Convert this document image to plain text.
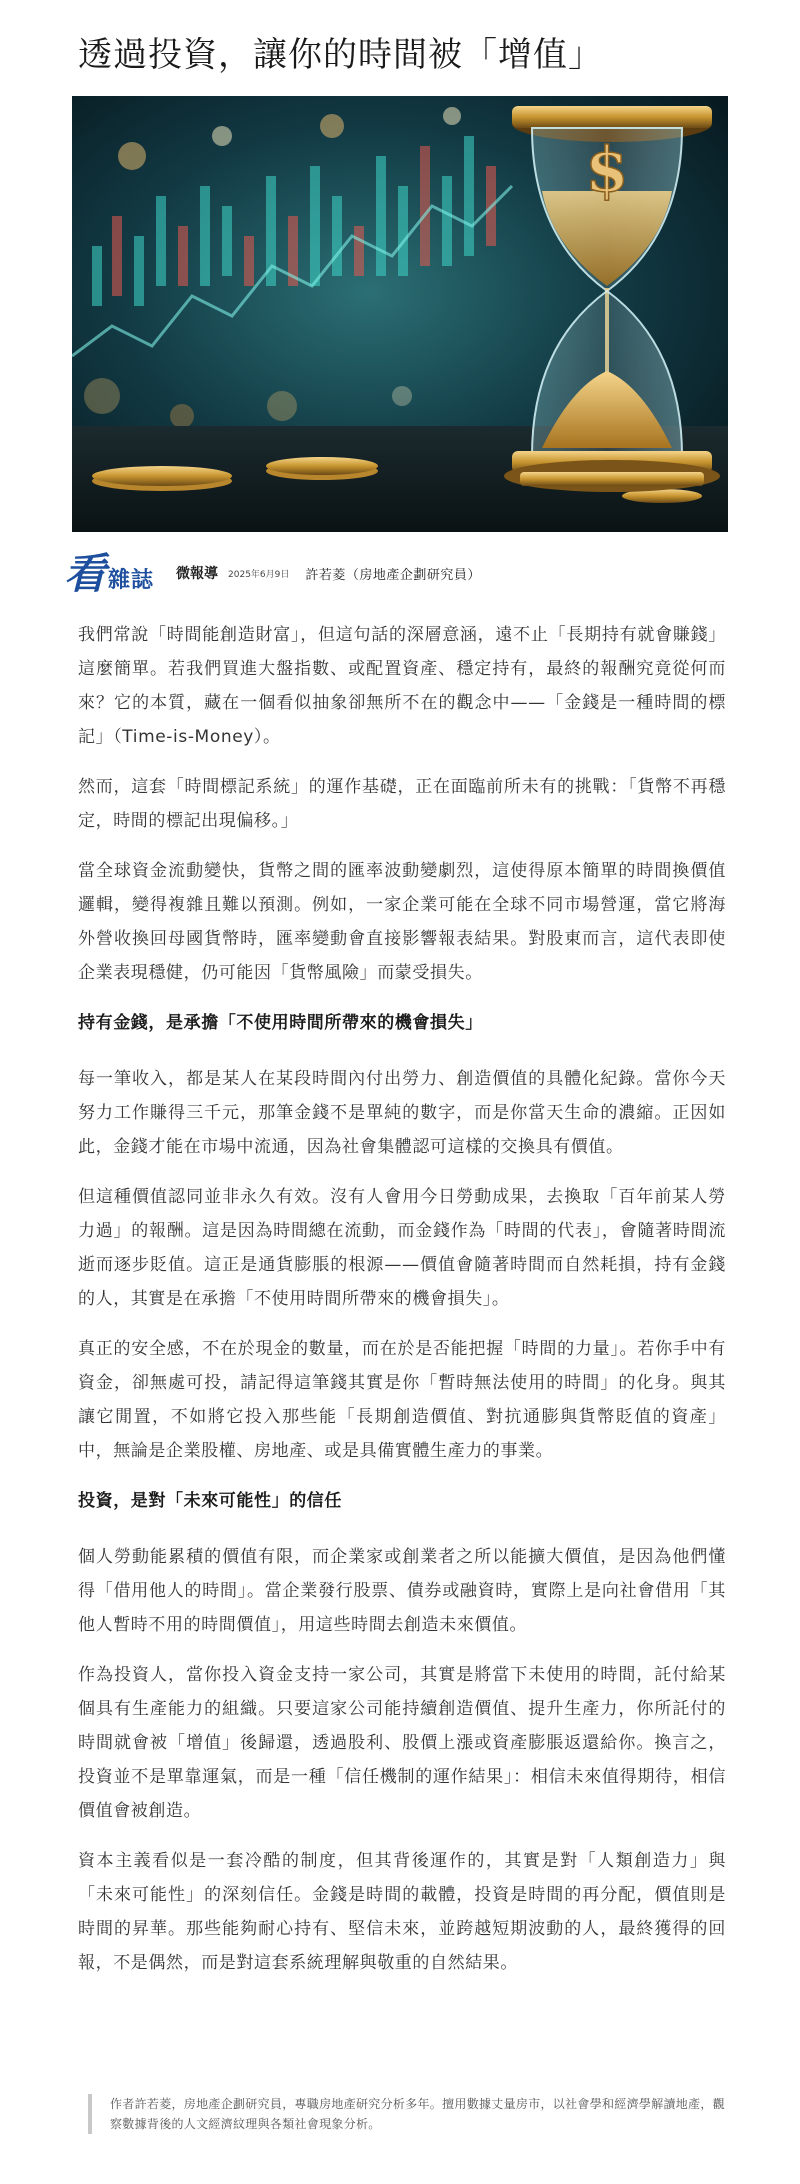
透過投資，讓你的時間被「增值」
$
看 雜誌 微報導 2025年6月9日 許若菱（房地產企劃研究員）

我們常說「時間能創造財富」，但這句話的深層意涵，遠不止「長期持有就會賺錢」這麼簡單。若我們買進大盤指數、或配置資產、穩定持有，最終的報酬究竟從何而來？它的本質，藏在一個看似抽象卻無所不在的觀念中——「金錢是一種時間的標記」（Time-is-Money）。

然而，這套「時間標記系統」的運作基礎，正在面臨前所未有的挑戰：「貨幣不再穩定，時間的標記出現偏移。」

當全球資金流動變快，貨幣之間的匯率波動變劇烈，這使得原本簡單的時間換價值邏輯，變得複雜且難以預測。例如，一家企業可能在全球不同市場營運，當它將海外營收換回母國貨幣時，匯率變動會直接影響報表結果。對股東而言，這代表即使企業表現穩健，仍可能因「貨幣風險」而蒙受損失。

持有金錢，是承擔「不使用時間所帶來的機會損失」

每一筆收入，都是某人在某段時間內付出勞力、創造價值的具體化紀錄。當你今天努力工作賺得三千元，那筆金錢不是單純的數字，而是你當天生命的濃縮。正因如此，金錢才能在市場中流通，因為社會集體認可這樣的交換具有價值。

但這種價值認同並非永久有效。沒有人會用今日勞動成果，去換取「百年前某人勞力過」的報酬。這是因為時間總在流動，而金錢作為「時間的代表」，會隨著時間流逝而逐步貶值。這正是通貨膨脹的根源——價值會隨著時間而自然耗損，持有金錢的人，其實是在承擔「不使用時間所帶來的機會損失」。

真正的安全感，不在於現金的數量，而在於是否能把握「時間的力量」。若你手中有資金，卻無處可投，請記得這筆錢其實是你「暫時無法使用的時間」的化身。與其讓它閒置，不如將它投入那些能「長期創造價值、對抗通膨與貨幣貶值的資產」中，無論是企業股權、房地產、或是具備實體生產力的事業。

投資，是對「未來可能性」的信任

個人勞動能累積的價值有限，而企業家或創業者之所以能擴大價值，是因為他們懂得「借用他人的時間」。當企業發行股票、債券或融資時，實際上是向社會借用「其他人暫時不用的時間價值」，用這些時間去創造未來價值。

作為投資人，當你投入資金支持一家公司，其實是將當下未使用的時間，託付給某個具有生產能力的組織。只要這家公司能持續創造價值、提升生產力，你所託付的時間就會被「增值」後歸還，透過股利、股價上漲或資產膨脹返還給你。換言之，投資並不是單靠運氣，而是一種「信任機制的運作結果」：相信未來值得期待，相信價值會被創造。

資本主義看似是一套冷酷的制度，但其背後運作的，其實是對「人類創造力」與「未來可能性」的深刻信任。金錢是時間的載體，投資是時間的再分配，價值則是時間的昇華。那些能夠耐心持有、堅信未來，並跨越短期波動的人，最終獲得的回報，不是偶然，而是對這套系統理解與敬重的自然結果。

作者許若菱，房地產企劃研究員，專職房地產研究分析多年。擅用數據丈量房市，以社會學和經濟學解讀地產，觀察數據背後的人文經濟紋理與各類社會現象分析。
